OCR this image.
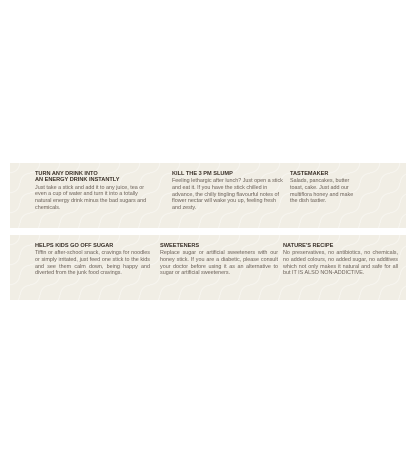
TURN ANY DRINK INTO
AN ENERGY DRINK INSTANTLY

Just take a stick and add it to any juice, tea or even a cup of water and turn it into a totally natural energy drink minus the bad sugars and chemicals.

KILL THE 3 PM SLUMP

Feeling lethargic after lunch? Just open a stick and eat it. If you have the stick chilled in advance, the chilly tingling flavourful notes of flower nectar will wake you up, feeling fresh and zesty.

TASTEMAKER

Salads, pancakes, butter toast, cake. Just add our multiflora honey and make the dish tastier.

HELPS KIDS GO OFF SUGAR

Tiffin or after-school snack, cravings for noodles or simply irritated, just feed one stick to the kids and see them calm down, being happy and diverted from the junk food cravings.

SWEETENERS

Replace sugar or artificial sweeteners with our honey stick. If you are a diabetic, please consult your doctor before using it as an alternative to sugar or artificial sweeteners.

NATURE'S RECIPE

No preservatives, no antibiotics, no chemicals, no added colours, no added sugar, no additives which not only makes it natural and safe for all but IT IS ALSO NON-ADDICTIVE.
